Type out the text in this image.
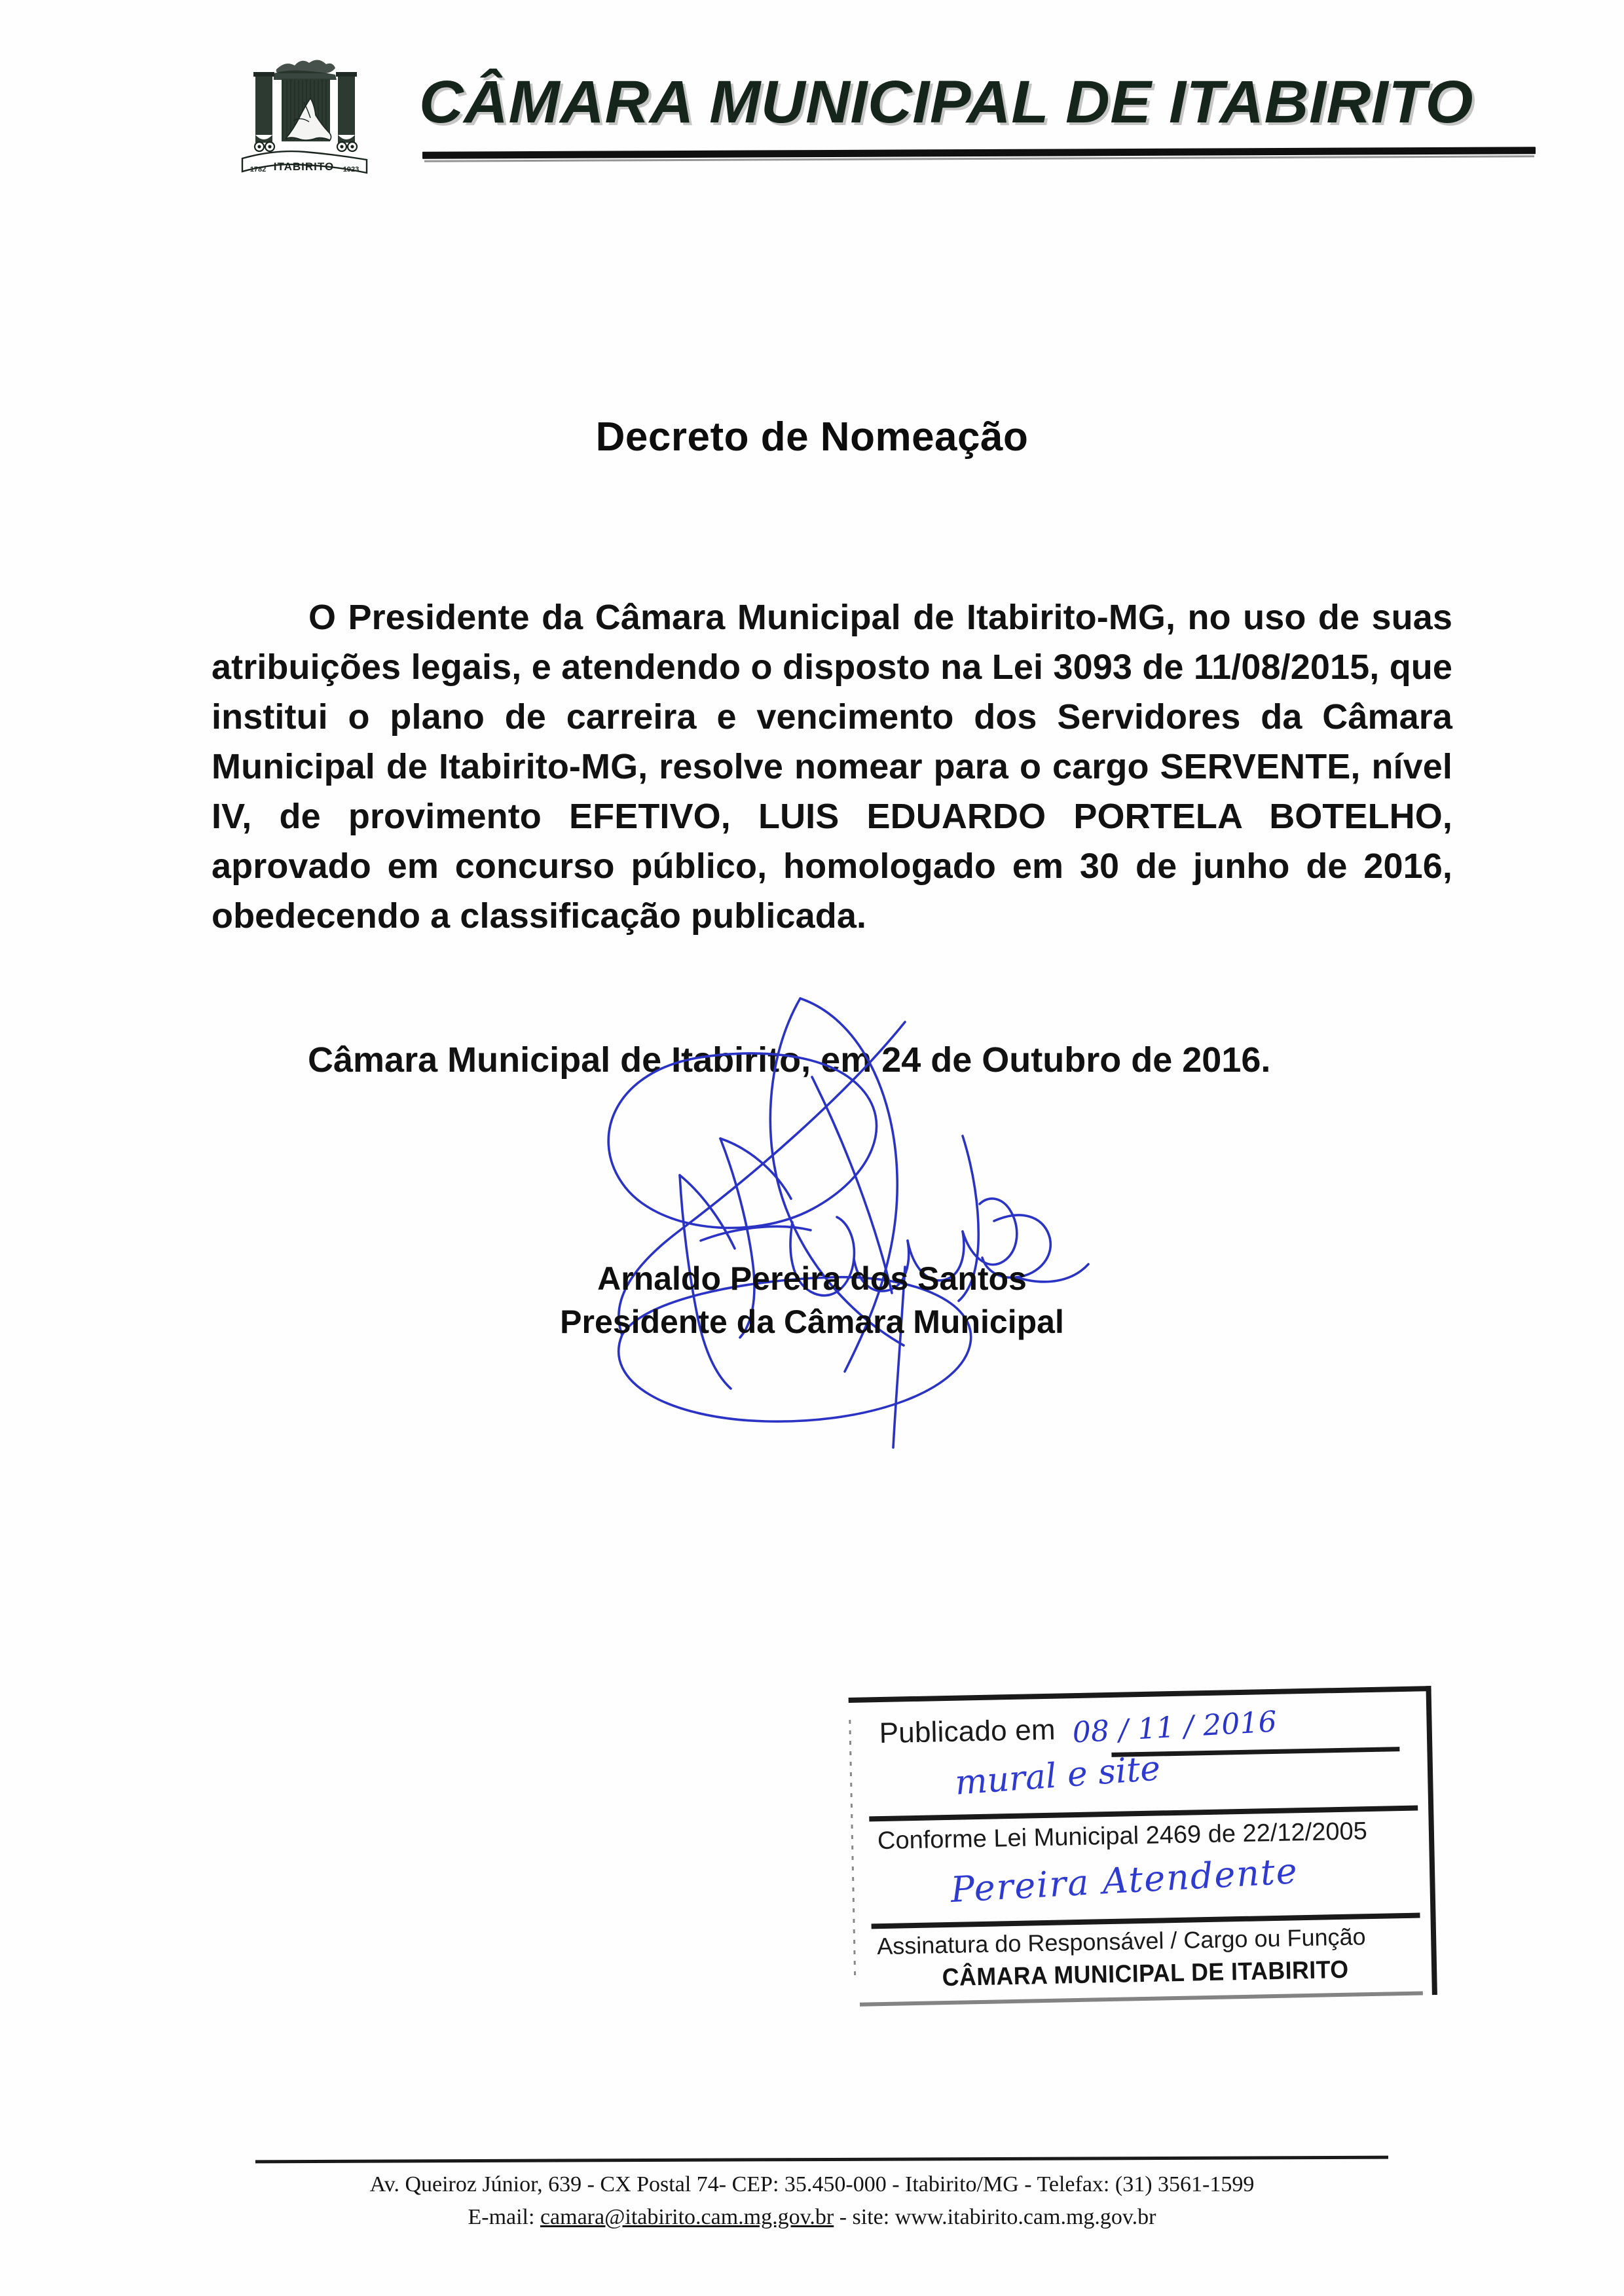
ITABIRITO
1782	1923
CÂMARA MUNICIPAL DE ITABIRITO
Decreto de Nomeação
O Presidente da Câmara Municipal de Itabirito-MG, no uso de suas atribuições legais, e atendendo o disposto na Lei 3093 de 11/08/2015, que institui o plano de carreira e vencimento dos Servidores da Câmara Municipal de Itabirito-MG, resolve nomear para o cargo SERVENTE, nível IV, de provimento EFETIVO, LUIS EDUARDO PORTELA BOTELHO, aprovado em concurso público, homologado em 30 de junho de 2016, obedecendo a classificação publicada.
Câmara Municipal de Itabirito, em 24 de Outubro de 2016.
Arnaldo Pereira dos Santos
Presidente da Câmara Municipal
Publicado em 08 / 11 / 2016
mural e site
Conforme Lei Municipal 2469 de 22/12/2005
Pereira Atendente
Assinatura do Responsável / Cargo ou Função
CÂMARA MUNICIPAL DE ITABIRITO
Av. Queiroz Júnior, 639 - CX Postal 74- CEP: 35.450-000 - Itabirito/MG - Telefax: (31) 3561-1599
E-mail: camara@itabirito.cam.mg.gov.br - site: www.itabirito.cam.mg.gov.br
